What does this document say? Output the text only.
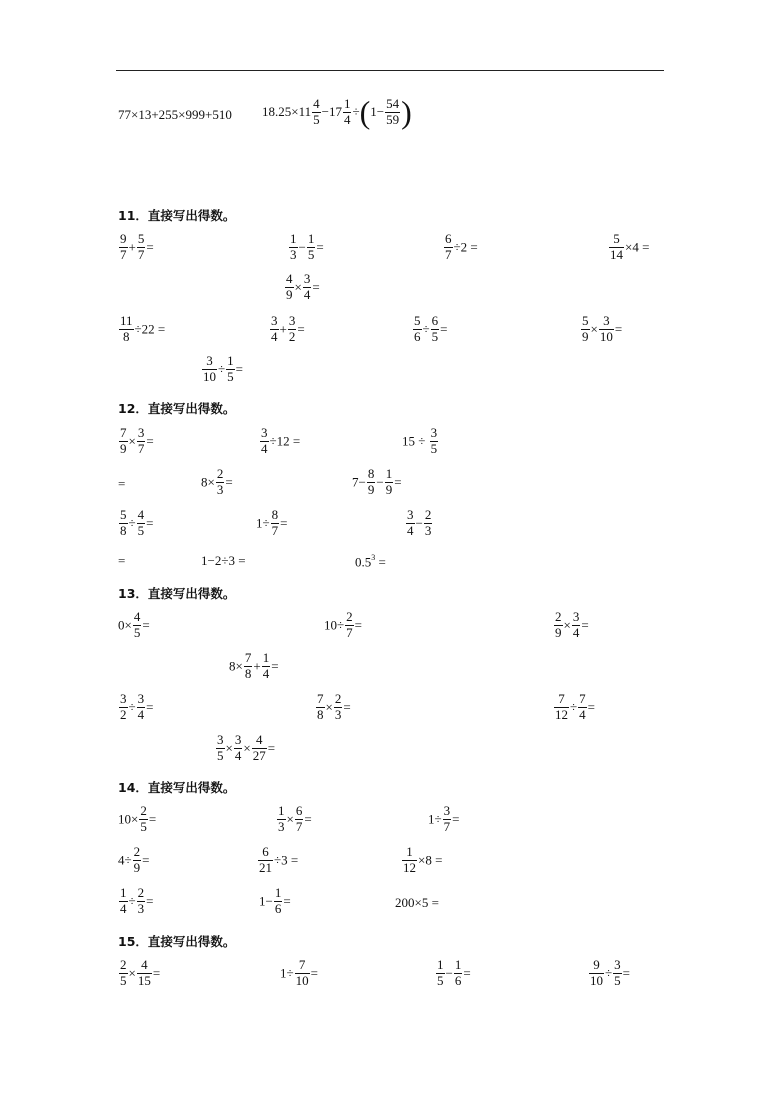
77×13+255×999+510 $18.25\times 11 \frac{4}{5} -17 \frac{1}{4} \div(1- \frac{54}{59}$ )
11．直接写出得数。
$\frac{9}{7} + \frac{5}{7}$ =	$\frac{1}{3} - \frac{1}{5}$ =	$\frac{6}{7} \div 2$ =	$\frac{5}{14} \times 4$ =
$\frac{4}{9} \times \frac{3}{4}$ =
$\frac{11}{8} \div 22$ =	$\frac{3}{4} + \frac{3}{2}$ =	$\frac{5}{6} \div \frac{6}{5}$ =	$\frac{5}{9} \times \frac{3}{10}$ =
$\frac{3}{10} \div \frac{1}{5}$ =
12．直接写出得数。
$\frac{7}{9} \times \frac{3}{7}$ =	$\frac{3}{4} \div 12$ =	$15 \div \frac{3}{5}$
=	$8\times \frac{2}{3}$ =	$7- \frac{8}{9} - \frac{1}{9}$ =
$\frac{5}{8} \div \frac{4}{5}$ =	$1\div \frac{8}{7}$ =	$\frac{3}{4} - \frac{2}{3}$
=	1−2÷3 =	$0.5^3$ =
13．直接写出得数。
$0\times \frac{4}{5}$ =	$10\div \frac{2}{7}$ =	$\frac{2}{9} \times \frac{3}{4}$ =
$8\times \frac{7}{8} + \frac{1}{4}$ =
$\frac{3}{2} \div \frac{3}{4}$ =	$\frac{7}{8} \times \frac{2}{3}$ =	$\frac{7}{12} \div \frac{7}{4}$ =
$\frac{3}{5} \times \frac{3}{4} \times \frac{4}{27}$ =
14．直接写出得数。
$10\times \frac{2}{5}$ =	$\frac{1}{3} \times \frac{6}{7}$ =	$1\div \frac{3}{7}$ =
$4\div \frac{2}{9}$ =	$\frac{6}{21} \div 3$ =	$\frac{1}{12} \times 8$ =
$\frac{1}{4} \div \frac{2}{3}$ =	$1- \frac{1}{6}$ =	200×5 =
15．直接写出得数。
$\frac{2}{5} \times \frac{4}{15}$ =	$1\div \frac{7}{10}$ =	$\frac{1}{5} - \frac{1}{6}$ =	$\frac{9}{10} \div \frac{3}{5}$ =
